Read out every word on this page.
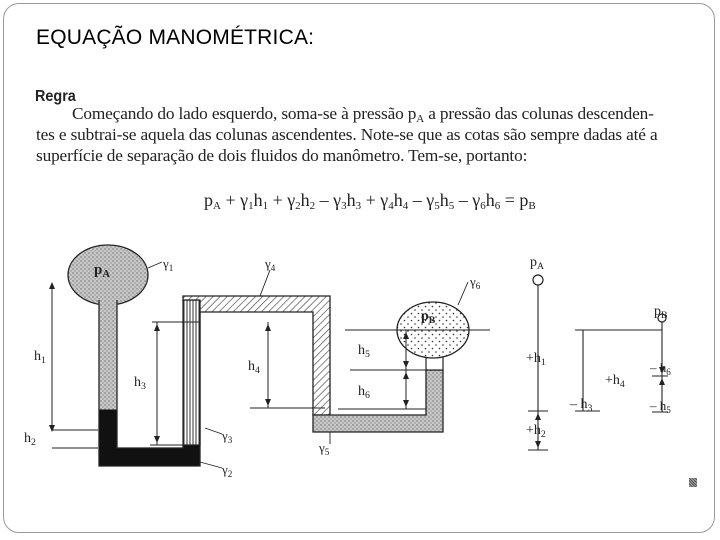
EQUAÇÃO MANOMÉTRICA:
Regra
Começando do lado esquerdo, soma-se à pressão $p_A$ a pressão das colunas descenden-
tes e subtrai-se aquela das colunas ascendentes. Note-se que as cotas são sempre dadas até a
superfície de separação de dois fluidos do manômetro. Tem-se, portanto:
$p_A + \gamma_1h_1 + \gamma_2h_2 - \gamma_3h_3 + \gamma_4h_4 - \gamma_5h_5 - \gamma_6h_6 = p_B$
$p_A$
$p_B$
$\gamma_1$
$\gamma_2$
$\gamma_3$
$\gamma_4$
$\gamma_5$
$\gamma_6$
$h_1$
$h_2$
$h_3$
$h_4$
$h_5$
$h_6$
$p_A$
$p_B$
$+h_1$
$+h_2$
– $h_3$
$+h_4$
– $h_6$
– $h_5$
